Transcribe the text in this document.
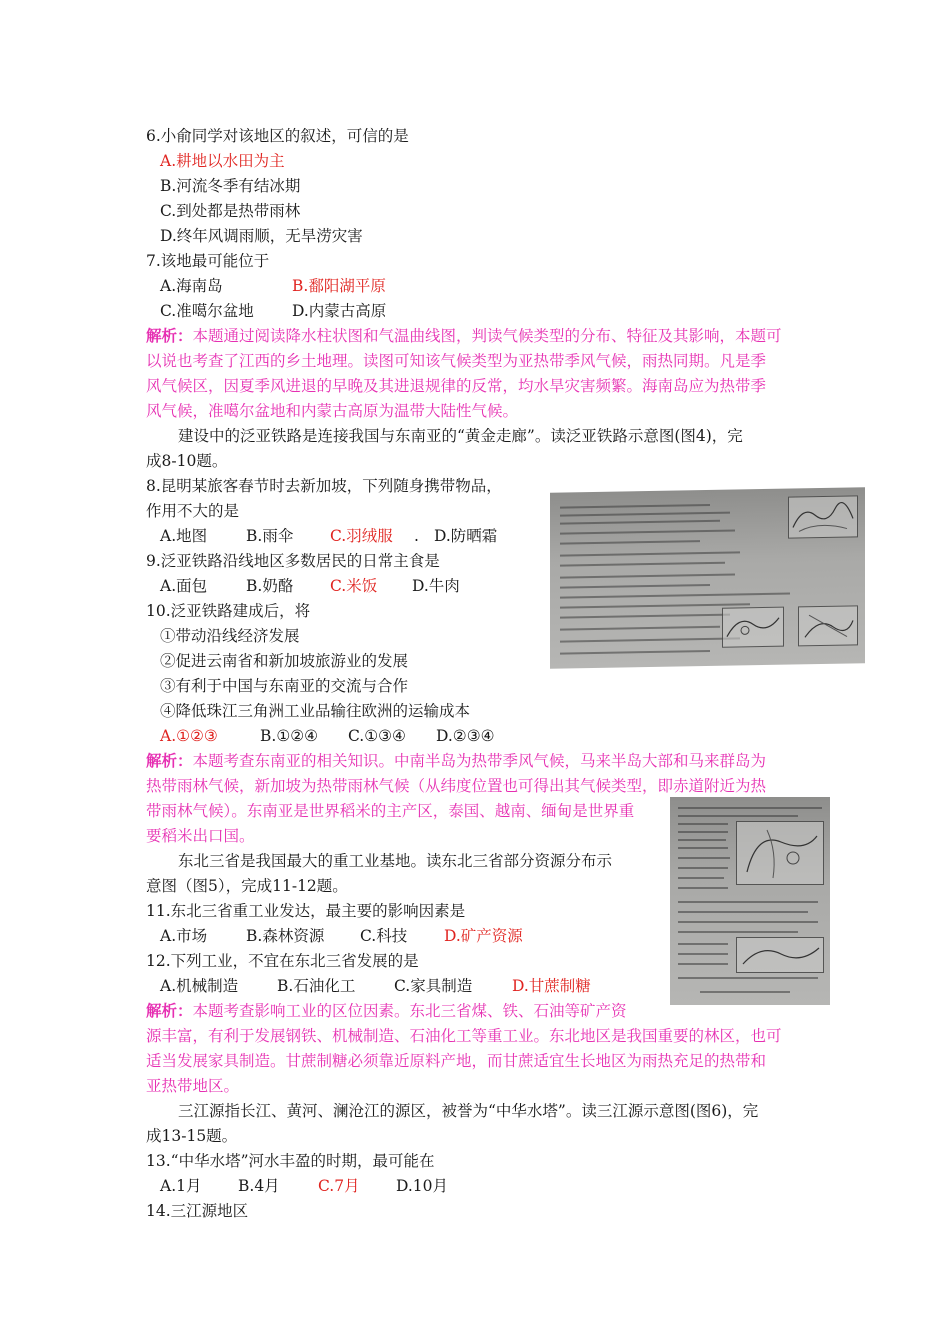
6.小俞同学对该地区的叙述，可信的是
A.耕地以水田为主
B.河流冬季有结冰期
C.到处都是热带雨林
D.终年风调雨顺，无旱涝灾害
7.该地最可能位于
A.海南岛	B.鄱阳湖平原
C.准噶尔盆地 D.内蒙古高原
解析：本题通过阅读降水柱状图和气温曲线图，判读气候类型的分布、特征及其影响，本题可
以说也考查了江西的乡土地理。读图可知该气候类型为亚热带季风气候，雨热同期。凡是季
风气候区，因夏季风进退的早晚及其进退规律的反常，均水旱灾害频繁。海南岛应为热带季
风气候，准噶尔盆地和内蒙古高原为温带大陆性气候。
建设中的泛亚铁路是连接我国与东南亚的“黄金走廊”。读泛亚铁路示意图(图4)，完
成8-10题。
8.昆明某旅客春节时去新加坡，下列随身携带物品，
作用不大的是
A.地图	B.雨伞 C.羽绒服 . D.防晒霜
9.泛亚铁路沿线地区多数居民的日常主食是
A.面包	B.奶酪 C.米饭 D.牛肉
10.泛亚铁路建成后，将
①带动沿线经济发展
②促进云南省和新加坡旅游业的发展
③有利于中国与东南亚的交流与合作
④降低珠江三角洲工业品输往欧洲的运输成本
A.①②③	B.①②④ C.①③④ D.②③④
解析：本题考查东南亚的相关知识。中南半岛为热带季风气候，马来半岛大部和马来群岛为
热带雨林气候，新加坡为热带雨林气候（从纬度位置也可得出其气候类型，即赤道附近为热
带雨林气候）。东南亚是世界稻米的主产区，泰国、越南、缅甸是世界重
要稻米出口国。
东北三省是我国最大的重工业基地。读东北三省部分资源分布示
意图（图5），完成11-12题。
11.东北三省重工业发达，最主要的影响因素是
A.市场	B.森林资源 C.科技 D.矿产资源
12.下列工业，不宜在东北三省发展的是
A.机械制造	B.石油化工 C.家具制造	D.甘蔗制糖
解析：本题考查影响工业的区位因素。东北三省煤、铁、石油等矿产资
源丰富，有利于发展钢铁、机械制造、石油化工等重工业。东北地区是我国重要的林区，也可
适当发展家具制造。甘蔗制糖必须靠近原料产地，而甘蔗适宜生长地区为雨热充足的热带和
亚热带地区。
三江源指长江、黄河、澜沧江的源区，被誉为“中华水塔”。读三江源示意图(图6)，完
成13-15题。
13.“中华水塔”河水丰盈的时期，最可能在
A.1月 B.4月 C.7月 D.10月
14.三江源地区
